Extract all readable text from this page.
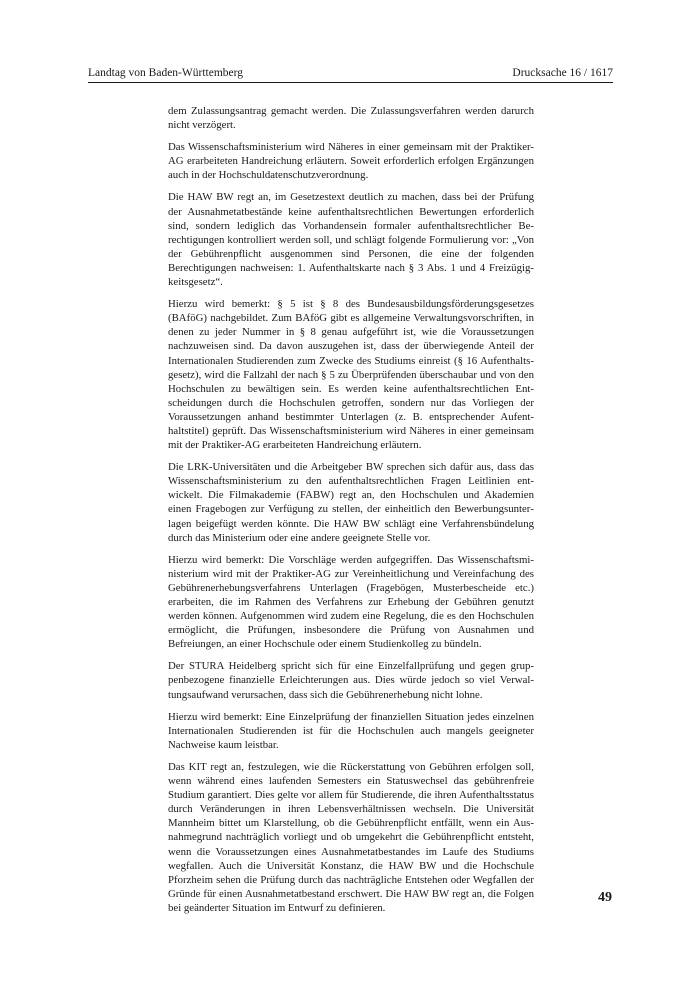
Landtag von Baden-Württemberg	Drucksache 16 / 1617

dem Zulassungsantrag gemacht werden. Die Zulassungsverfahren werden darurch nicht verzögert.

Das Wissenschaftsministerium wird Näheres in einer gemeinsam mit der Praktiker-AG erarbeiteten Handreichung erläutern. Soweit erforderlich erfolgen Ergänzungen auch in der Hochschuldatenschutzverordnung.

Die HAW BW regt an, im Gesetzestext deutlich zu machen, dass bei der Prüfung der Ausnahmetatbestände keine aufenthaltsrechtlichen Bewertungen erforderlich sind, sondern lediglich das Vorhandensein formaler aufenthaltsrechtlicher Berechtigungen kontrolliert werden soll, und schlägt folgende Formulierung vor: „Von der Gebührenpflicht ausgenommen sind Personen, die eine der folgenden Berechtigungen nachweisen: 1. Aufenthaltskarte nach § 3 Abs. 1 und 4 Freizügigkeitsgesetz“.

Hierzu wird bemerkt: § 5 ist § 8 des Bundesausbildungsförderungsgesetzes (BAföG) nachgebildet. Zum BAföG gibt es allgemeine Verwaltungsvorschriften, in denen zu jeder Nummer in § 8 genau aufgeführt ist, wie die Voraussetzungen nachzuweisen sind. Da davon auszugehen ist, dass der überwiegende Anteil der Internationalen Studierenden zum Zwecke des Studiums einreist (§ 16 Aufenthaltsgesetz), wird die Fallzahl der nach § 5 zu Überprüfenden überschaubar und von den Hochschulen zu bewältigen sein. Es werden keine aufenthaltsrechtlichen Entscheidungen durch die Hochschulen getroffen, sondern nur das Vorliegen der Voraussetzungen anhand bestimmter Unterlagen (z. B. entsprechender Aufenthaltstitel) geprüft. Das Wissenschaftsministerium wird Näheres in einer gemeinsam mit der Praktiker-AG erarbeiteten Handreichung erläutern.

Die LRK-Universitäten und die Arbeitgeber BW sprechen sich dafür aus, dass das Wissenschaftsministerium zu den aufenthaltsrechtlichen Fragen Leitlinien entwickelt. Die Filmakademie (FABW) regt an, den Hochschulen und Akademien einen Fragebogen zur Verfügung zu stellen, der einheitlich den Bewerbungsunterlagen beigefügt werden könnte. Die HAW BW schlägt eine Verfahrensbündelung durch das Ministerium oder eine andere geeignete Stelle vor.

Hierzu wird bemerkt: Die Vorschläge werden aufgegriffen. Das Wissenschaftsministerium wird mit der Praktiker-AG zur Vereinheitlichung und Vereinfachung des Gebührenerhebungsverfahrens Unterlagen (Fragebögen, Musterbescheide etc.) erarbeiten, die im Rahmen des Verfahrens zur Erhebung der Gebühren genutzt werden können. Aufgenommen wird zudem eine Regelung, die es den Hochschulen ermöglicht, die Prüfungen, insbesondere die Prüfung von Ausnahmen und Befreiungen, an einer Hochschule oder einem Studienkolleg zu bündeln.

Der STURA Heidelberg spricht sich für eine Einzelfallprüfung und gegen gruppenbezogene finanzielle Erleichterungen aus. Dies würde jedoch so viel Verwaltungsaufwand verursachen, dass sich die Gebührenerhebung nicht lohne.

Hierzu wird bemerkt: Eine Einzelprüfung der finanziellen Situation jedes einzelnen Internationalen Studierenden ist für die Hochschulen auch mangels geeigneter Nachweise kaum leistbar.

Das KIT regt an, festzulegen, wie die Rückerstattung von Gebühren erfolgen soll, wenn während eines laufenden Semesters ein Statuswechsel das gebührenfreie Studium garantiert. Dies gelte vor allem für Studierende, die ihren Aufenthaltsstatus durch Veränderungen in ihren Lebensverhältnissen wechseln. Die Universität Mannheim bittet um Klarstellung, ob die Gebührenpflicht entfällt, wenn ein Ausnahmegrund nachträglich vorliegt und ob umgekehrt die Gebührenpflicht entsteht, wenn die Voraussetzungen eines Ausnahmetatbestandes im Laufe des Studiums wegfallen. Auch die Universität Konstanz, die HAW BW und die Hochschule Pforzheim sehen die Prüfung durch das nachträgliche Entstehen oder Wegfallen der Gründe für einen Ausnahmetatbestand erschwert. Die HAW BW regt an, die Folgen bei geänderter Situation im Entwurf zu definieren.

49
